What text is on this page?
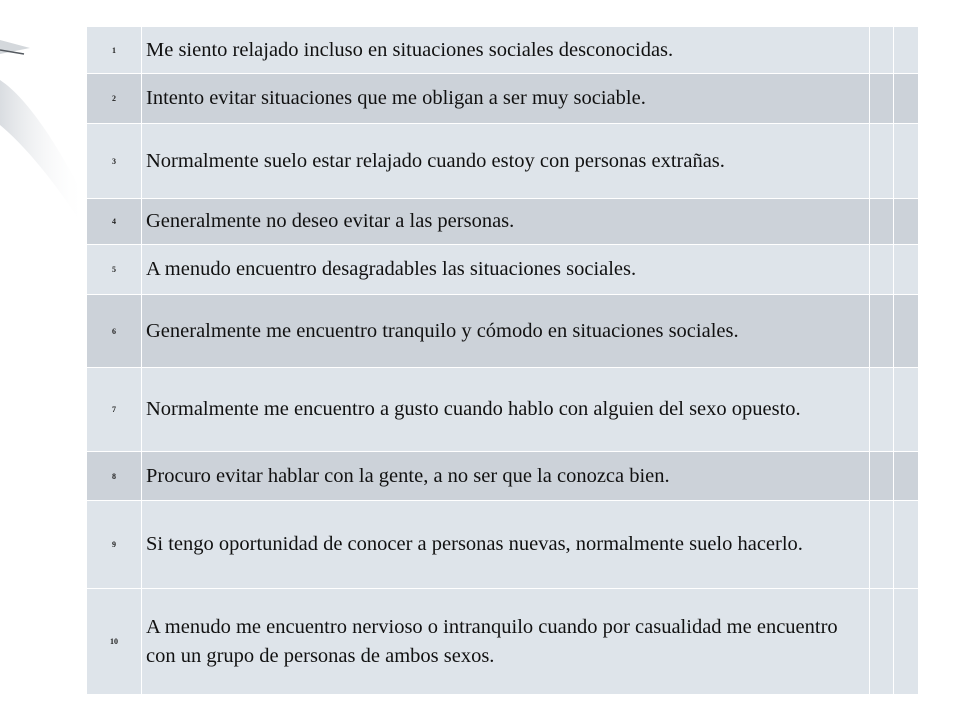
1	Me siento relajado incluso en situaciones sociales desconocidas.		
2	Intento evitar situaciones que me obligan a ser muy sociable.		
3	Normalmente suelo estar relajado cuando estoy con personas extrañas.		
4	Generalmente no deseo evitar a las personas.		
5	A menudo encuentro desagradables las situaciones sociales.		
6	Generalmente me encuentro tranquilo y cómodo en situaciones sociales.		
7	Normalmente me encuentro a gusto cuando hablo con alguien del sexo opuesto.		
8	Procuro evitar hablar con la gente, a no ser que la conozca bien.		
9	Si tengo oportunidad de conocer a personas nuevas, normalmente suelo hacerlo.		
10	A menudo me encuentro nervioso o intranquilo cuando por casualidad me encuentro con un grupo de personas de ambos sexos.		
